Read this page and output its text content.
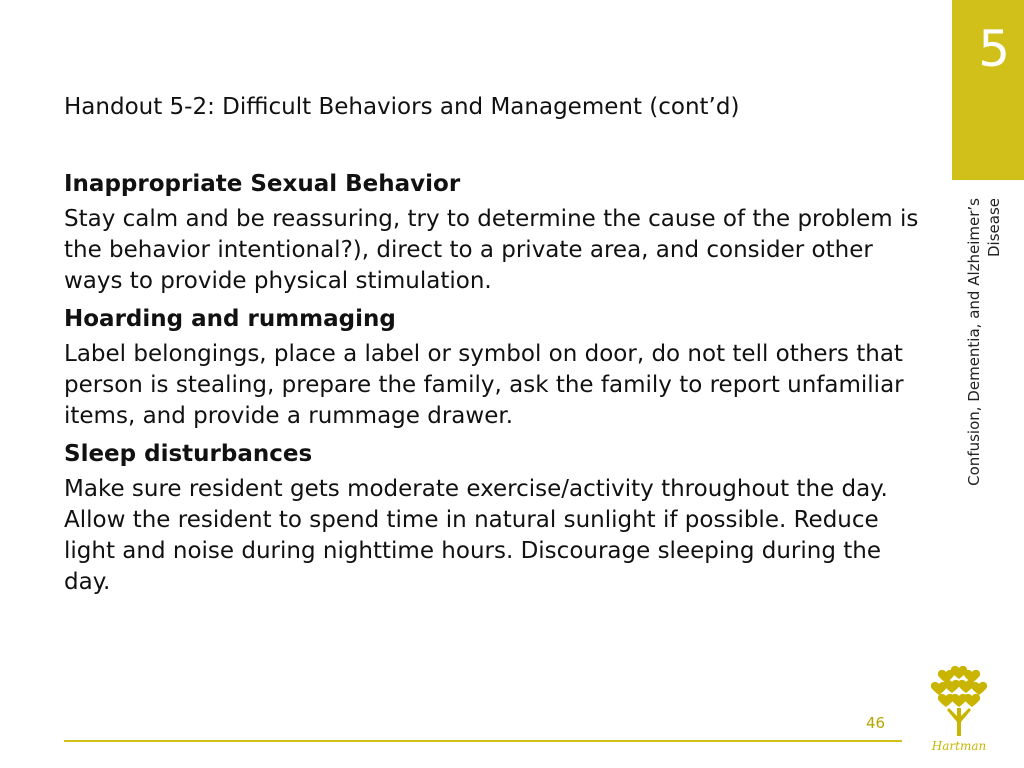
5
Confusion, Dementia, and Alzheimer’s Disease
Handout 5-2: Difficult Behaviors and Management (cont’d)

Inappropriate Sexual Behavior

Stay calm and be reassuring, try to determine the cause of the problem is the behavior intentional?), direct to a private area, and consider other ways to provide physical stimulation.

Hoarding and rummaging

Label belongings, place a label or symbol on door, do not tell others that person is stealing, prepare the family, ask the family to report unfamiliar items, and provide a rummage drawer.

Sleep disturbances

Make sure resident gets moderate exercise/activity throughout the day. Allow the resident to spend time in natural sunlight if possible. Reduce light and noise during nighttime hours. Discourage sleeping during the day.

46
Hartman
